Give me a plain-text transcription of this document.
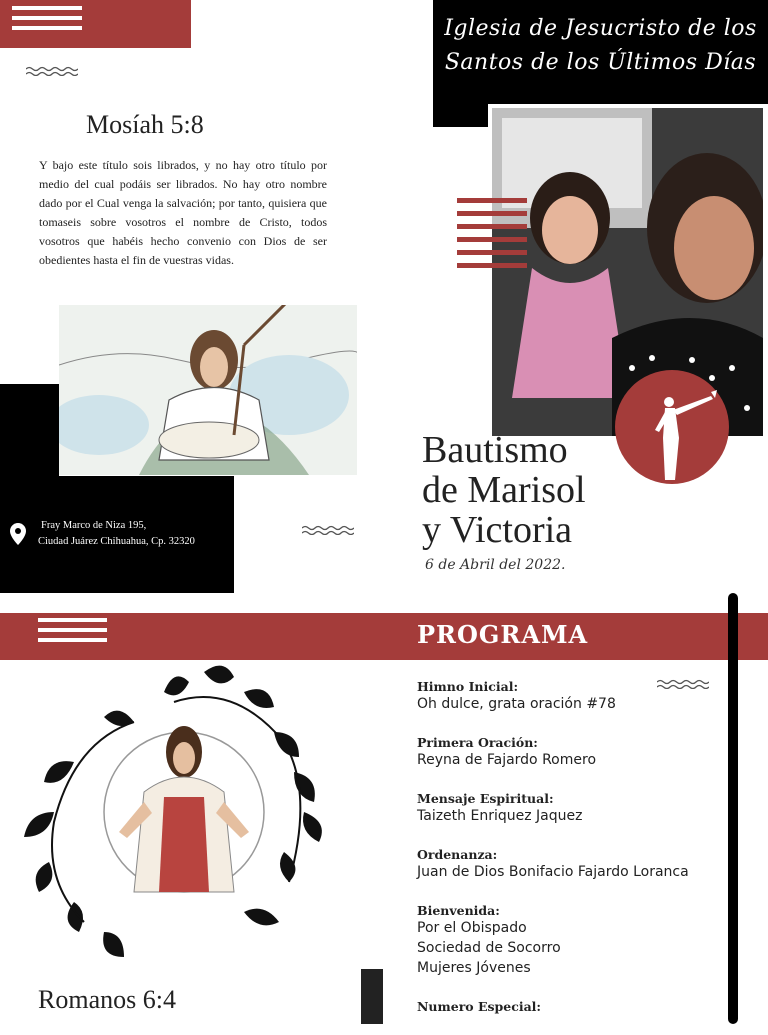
Iglesia de Jesucristo de los
Santos de los Últimos Días
Mosíah 5:8
Y bajo este título sois librados, y no hay otro título por medio del cual podáis ser librados. No hay otro nombre dado por el Cual venga la salvación; por tanto, quisiera que tomaseis sobre vosotros el nombre de Cristo, todos vosotros que habéis hecho convenio con Dios de ser obedientes hasta el fin de vuestras vidas.
Fray Marco de Niza 195,
Ciudad Juárez Chihuahua, Cp. 32320
Bautismo
de Marisol
y Victoria
6 de Abril del 2022.
PROGRAMA
Himno Inicial:
Oh dulce, grata oración #78
Primera Oración:
Reyna de Fajardo Romero
Mensaje Espiritual:
Taizeth Enriquez Jaquez
Ordenanza:
Juan de Dios Bonifacio Fajardo Loranca
Bienvenida:
Por el Obispado
Sociedad de Socorro
Mujeres Jóvenes
Numero Especial:
Romanos 6:4
